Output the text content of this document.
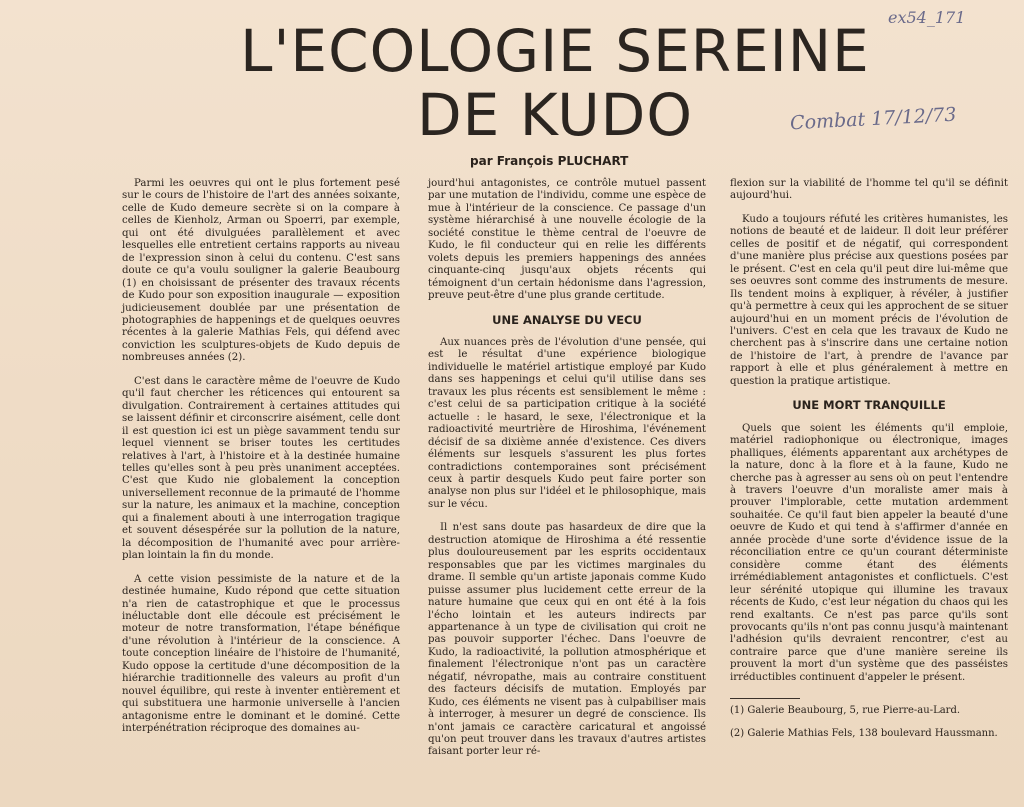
ex54_171
Combat 17/12/73
L'ECOLOGIE SEREINE
DE KUDO
par François PLUCHART

Parmi les oeuvres qui ont le plus fortement pesé sur le cours de l'histoire de l'art des années soixante, celle de Kudo demeure secrète si on la compare à celles de Kienholz, Arman ou Spoerri, par exemple, qui ont été divulguées parallèlement et avec lesquelles elle entretient certains rapports au niveau de l'expression sinon à celui du contenu. C'est sans doute ce qu'a voulu souligner la galerie Beaubourg (1) en choisissant de présenter des travaux récents de Kudo pour son exposition inaugurale — exposition judicieusement doublée par une présentation de photographies de happenings et de quelques oeuvres récentes à la galerie Mathias Fels, qui défend avec conviction les sculptures-objets de Kudo depuis de nombreuses années (2).

C'est dans le caractère même de l'oeuvre de Kudo qu'il faut chercher les réticences qui entourent sa divulgation. Contrairement à certaines attitudes qui se laissent définir et circonscrire aisément, celle dont il est question ici est un piège savamment tendu sur lequel viennent se briser toutes les certitudes relatives à l'art, à l'histoire et à la destinée humaine telles qu'elles sont à peu près unaniment acceptées. C'est que Kudo nie globalement la conception universellement reconnue de la primauté de l'homme sur la nature, les animaux et la machine, conception qui a finalement abouti à une interrogation tragique et souvent désespérée sur la pollution de la nature, la décomposition de l'humanité avec pour arrière-plan lointain la fin du monde.

A cette vision pessimiste de la nature et de la destinée humaine, Kudo répond que cette situation n'a rien de catastrophique et que le processus inéluctable dont elle découle est précisément le moteur de notre transformation, l'étape bénéfique d'une révolution à l'intérieur de la conscience. A toute conception linéaire de l'histoire de l'humanité, Kudo oppose la certitude d'une décomposition de la hiérarchie traditionnelle des valeurs au profit d'un nouvel équilibre, qui reste à inventer entièrement et qui substituera une harmonie universelle à l'ancien antagonisme entre le dominant et le dominé. Cette interpénétration réciproque des domaines au-

jourd'hui antagonistes, ce contrôle mutuel passent par une mutation de l'individu, comme une espèce de mue à l'intérieur de la conscience. Ce passage d'un système hiérarchisé à une nouvelle écologie de la société constitue le thème central de l'oeuvre de Kudo, le fil conducteur qui en relie les différents volets depuis les premiers happenings des années cinquante-cinq jusqu'aux objets récents qui témoignent d'un certain hédonisme dans l'agression, preuve peut-être d'une plus grande certitude.

UNE ANALYSE DU VECU

Aux nuances près de l'évolution d'une pensée, qui est le résultat d'une expérience biologique individuelle le matériel artistique employé par Kudo dans ses happenings et celui qu'il utilise dans ses travaux les plus récents est sensiblement le même : c'est celui de sa participation critique à la société actuelle : le hasard, le sexe, l'électronique et la radioactivité meurtrière de Hiroshima, l'événement décisif de sa dixième année d'existence. Ces divers éléments sur lesquels s'assurent les plus fortes contradictions contemporaines sont précisément ceux à partir desquels Kudo peut faire porter son analyse non plus sur l'idéel et le philosophique, mais sur le vécu.

Il n'est sans doute pas hasardeux de dire que la destruction atomique de Hiroshima a été ressentie plus douloureusement par les esprits occidentaux responsables que par les victimes marginales du drame. Il semble qu'un artiste japonais comme Kudo puisse assumer plus lucidement cette erreur de la nature humaine que ceux qui en ont été à la fois l'écho lointain et les auteurs indirects par appartenance à un type de civilisation qui croit ne pas pouvoir supporter l'échec. Dans l'oeuvre de Kudo, la radioactivité, la pollution atmosphérique et finalement l'électronique n'ont pas un caractère négatif, névropathe, mais au contraire constituent des facteurs décisifs de mutation. Employés par Kudo, ces éléments ne visent pas à culpabiliser mais à interroger, à mesurer un degré de conscience. Ils n'ont jamais ce caractère caricatural et angoissé qu'on peut trouver dans les travaux d'autres artistes faisant porter leur ré-

flexion sur la viabilité de l'homme tel qu'il se définit aujourd'hui.

Kudo a toujours réfuté les critères humanistes, les notions de beauté et de laideur. Il doit leur préférer celles de positif et de négatif, qui correspondent d'une manière plus précise aux questions posées par le présent. C'est en cela qu'il peut dire lui-même que ses oeuvres sont comme des instruments de mesure. Ils tendent moins à expliquer, à révéler, à justifier qu'à permettre à ceux qui les approchent de se situer aujourd'hui en un moment précis de l'évolution de l'univers. C'est en cela que les travaux de Kudo ne cherchent pas à s'inscrire dans une certaine notion de l'histoire de l'art, à prendre de l'avance par rapport à elle et plus généralement à mettre en question la pratique artistique.

UNE MORT TRANQUILLE

Quels que soient les éléments qu'il emploie, matériel radiophonique ou électronique, images phalliques, éléments apparentant aux archétypes de la nature, donc à la flore et à la faune, Kudo ne cherche pas à agresser au sens où on peut l'entendre à travers l'oeuvre d'un moraliste amer mais à prouver l'implorable, cette mutation ardemment souhaitée. Ce qu'il faut bien appeler la beauté d'une oeuvre de Kudo et qui tend à s'affirmer d'année en année procède d'une sorte d'évidence issue de la réconciliation entre ce qu'un courant déterministe considère comme étant des éléments irrémédiablement antagonistes et conflictuels. C'est leur sérénité utopique qui illumine les travaux récents de Kudo, c'est leur négation du chaos qui les rend exaltants. Ce n'est pas parce qu'ils sont provocants qu'ils n'ont pas connu jusqu'à maintenant l'adhésion qu'ils devraient rencontrer, c'est au contraire parce que d'une manière sereine ils prouvent la mort d'un système que des passéistes irréductibles continuent d'appeler le présent.

(1) Galerie Beaubourg, 5, rue Pierre-au-Lard.

(2) Galerie Mathias Fels, 138 boulevard Haussmann.
